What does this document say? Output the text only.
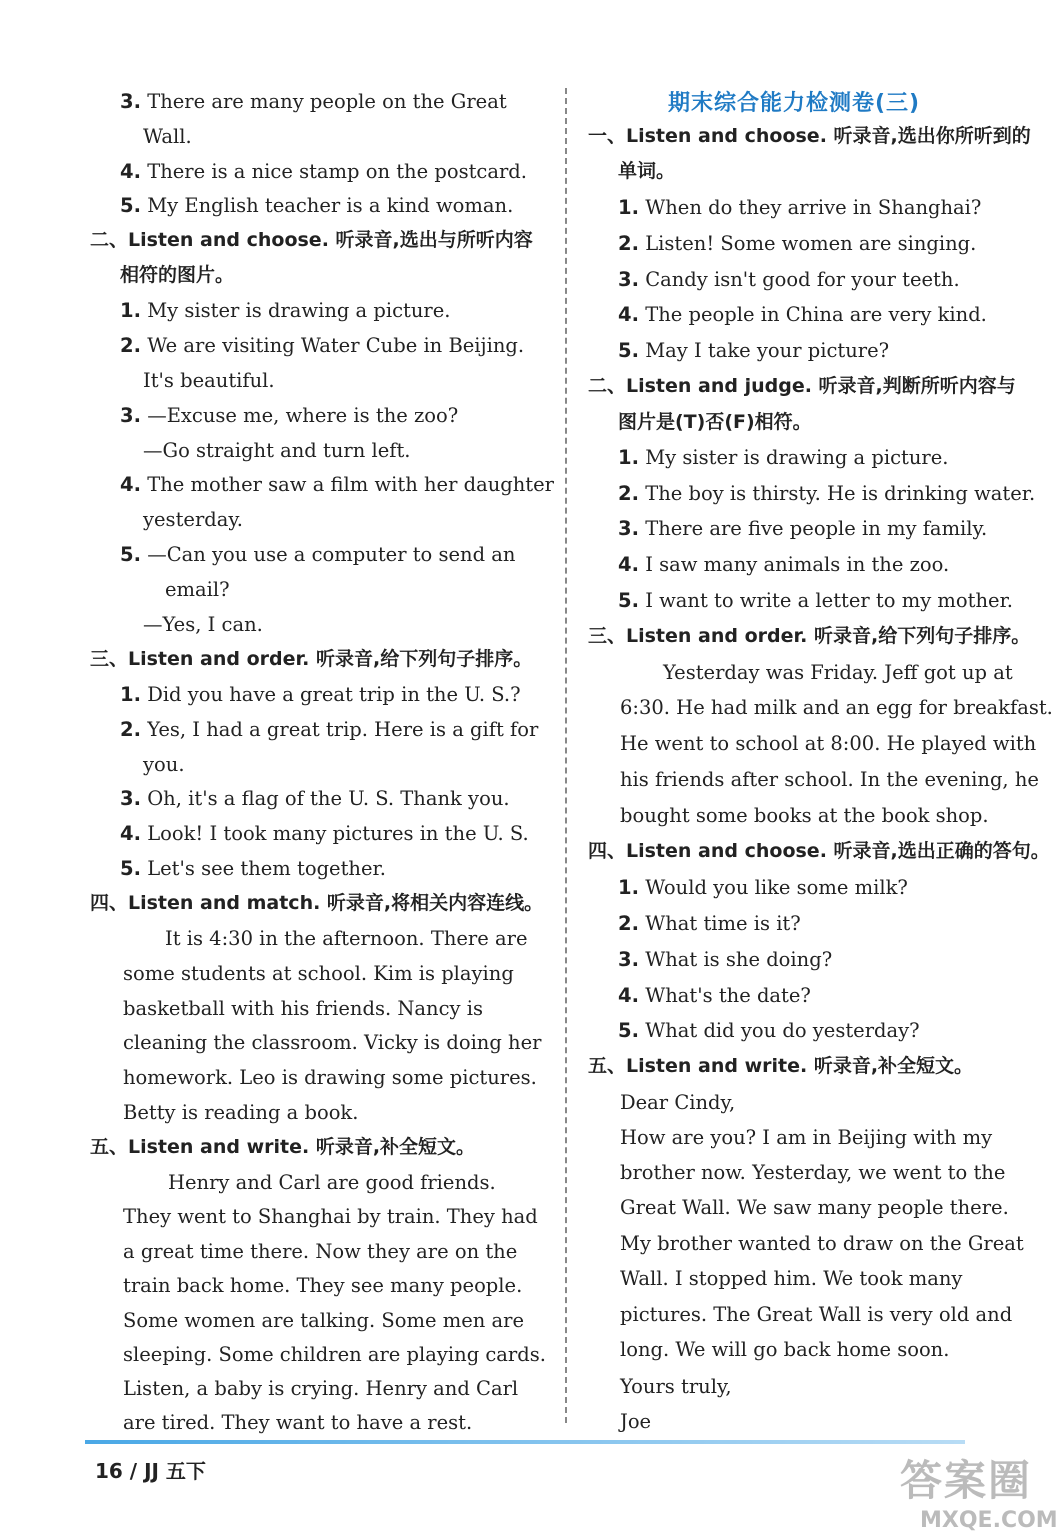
期末综合能力检测卷(三)
3. There are many people on the Great
Wall.
4. There is a nice stamp on the postcard.
5. My English teacher is a kind woman.
二、Listen and choose. 听录音,选出与所听内容
相符的图片。
1. My sister is drawing a picture.
2. We are visiting Water Cube in Beijing.
It's beautiful.
3. —Excuse me, where is the zoo?
—Go straight and turn left.
4. The mother saw a film with her daughter
yesterday.
5. —Can you use a computer to send an
email?
—Yes, I can.
三、Listen and order. 听录音,给下列句子排序。
1. Did you have a great trip in the U. S.?
2. Yes, I had a great trip. Here is a gift for
you.
3. Oh, it's a flag of the U. S. Thank you.
4. Look! I took many pictures in the U. S.
5. Let's see them together.
四、Listen and match. 听录音,将相关内容连线。
It is 4:30 in the afternoon. There are
some students at school. Kim is playing
basketball with his friends. Nancy is
cleaning the classroom. Vicky is doing her
homework. Leo is drawing some pictures.
Betty is reading a book.
五、Listen and write. 听录音,补全短文。
Henry and Carl are good friends.
They went to Shanghai by train. They had
a great time there. Now they are on the
train back home. They see many people.
Some women are talking. Some men are
sleeping. Some children are playing cards.
Listen, a baby is crying. Henry and Carl
are tired. They want to have a rest.
一、Listen and choose. 听录音,选出你所听到的
单词。
1. When do they arrive in Shanghai?
2. Listen! Some women are singing.
3. Candy isn't good for your teeth.
4. The people in China are very kind.
5. May I take your picture?
二、Listen and judge. 听录音,判断所听内容与
图片是(T)否(F)相符。
1. My sister is drawing a picture.
2. The boy is thirsty. He is drinking water.
3. There are five people in my family.
4. I saw many animals in the zoo.
5. I want to write a letter to my mother.
三、Listen and order. 听录音,给下列句子排序。
Yesterday was Friday. Jeff got up at
6:30. He had milk and an egg for breakfast.
He went to school at 8:00. He played with
his friends after school. In the evening, he
bought some books at the book shop.
四、Listen and choose. 听录音,选出正确的答句。
1. Would you like some milk?
2. What time is it?
3. What is she doing?
4. What's the date?
5. What did you do yesterday?
五、Listen and write. 听录音,补全短文。
Dear Cindy,
How are you? I am in Beijing with my
brother now. Yesterday, we went to the
Great Wall. We saw many people there.
My brother wanted to draw on the Great
Wall. I stopped him. We took many
pictures. The Great Wall is very old and
long. We will go back home soon.
Yours truly,
Joe
16 / JJ 五下	答案圈
MXQE.COM
